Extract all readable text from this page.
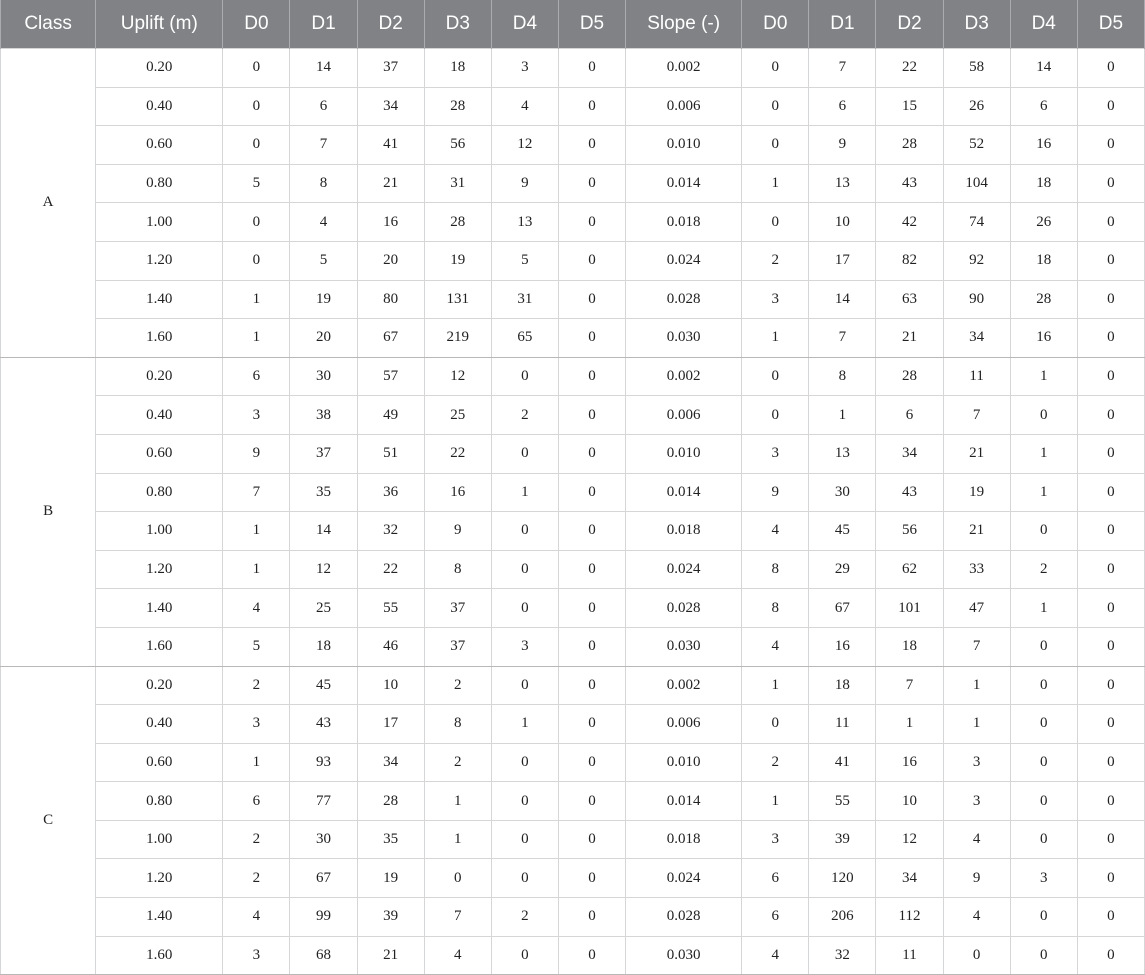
Class	Uplift (m)	D0	D1	D2	D3	D4	D5	Slope (-)	D0	D1	D2	D3	D4	D5
A	0.20	0	14	37	18	3	0	0.002	0	7	22	58	14	0
	0.40	0	6	34	28	4	0	0.006	0	6	15	26	6	0
	0.60	0	7	41	56	12	0	0.010	0	9	28	52	16	0
	0.80	5	8	21	31	9	0	0.014	1	13	43	104	18	0
	1.00	0	4	16	28	13	0	0.018	0	10	42	74	26	0
	1.20	0	5	20	19	5	0	0.024	2	17	82	92	18	0
	1.40	1	19	80	131	31	0	0.028	3	14	63	90	28	0
	1.60	1	20	67	219	65	0	0.030	1	7	21	34	16	0
B	0.20	6	30	57	12	0	0	0.002	0	8	28	11	1	0
	0.40	3	38	49	25	2	0	0.006	0	1	6	7	0	0
	0.60	9	37	51	22	0	0	0.010	3	13	34	21	1	0
	0.80	7	35	36	16	1	0	0.014	9	30	43	19	1	0
	1.00	1	14	32	9	0	0	0.018	4	45	56	21	0	0
	1.20	1	12	22	8	0	0	0.024	8	29	62	33	2	0
	1.40	4	25	55	37	0	0	0.028	8	67	101	47	1	0
	1.60	5	18	46	37	3	0	0.030	4	16	18	7	0	0
C	0.20	2	45	10	2	0	0	0.002	1	18	7	1	0	0
	0.40	3	43	17	8	1	0	0.006	0	11	1	1	0	0
	0.60	1	93	34	2	0	0	0.010	2	41	16	3	0	0
	0.80	6	77	28	1	0	0	0.014	1	55	10	3	0	0
	1.00	2	30	35	1	0	0	0.018	3	39	12	4	0	0
	1.20	2	67	19	0	0	0	0.024	6	120	34	9	3	0
	1.40	4	99	39	7	2	0	0.028	6	206	112	4	0	0
	1.60	3	68	21	4	0	0	0.030	4	32	11	0	0	0
